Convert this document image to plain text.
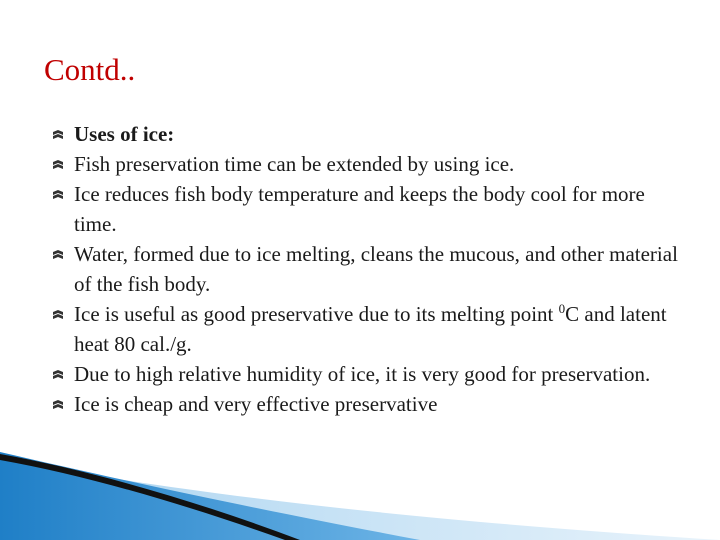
Contd..
Uses of ice:
Fish preservation time can be extended by using ice.
Ice reduces fish body temperature and keeps the body cool for more time.
Water, formed due to ice melting, cleans the mucous, and other material of the fish body.
Ice is useful as good preservative due to its melting point $^0$C and latent heat 80 cal./g.
Due to high relative humidity of ice, it is very good for preservation.
Ice is cheap and very effective preservative
